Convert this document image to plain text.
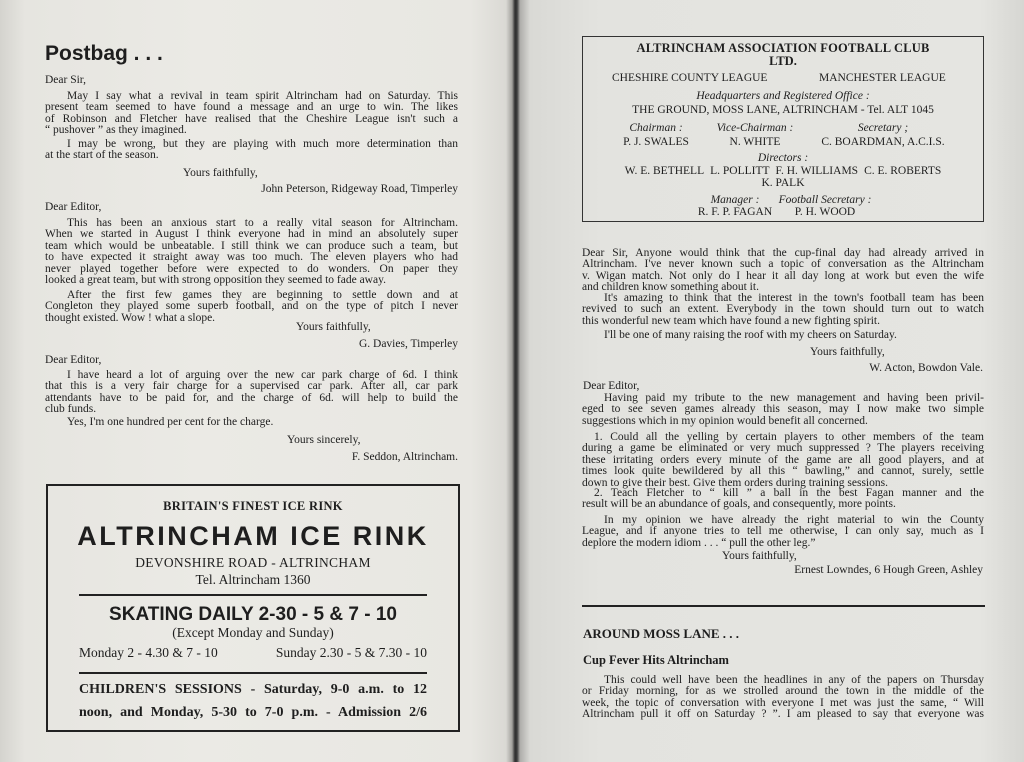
Postbag . . .
Dear Sir,
May I say what a revival in team spirit Altrincham had on Saturday. This
present team seemed to have found a message and an urge to win. The likes
of Robinson and Fletcher have realised that the Cheshire League isn't such a
“ pushover ” as they imagined.
I may be wrong, but they are playing with much more determination than
at the start of the season.
Yours faithfully,
John Peterson, Ridgeway Road, Timperley
Dear Editor,
This has been an anxious start to a really vital season for Altrincham.
When we started in August I think everyone had in mind an absolutely super
team which would be unbeatable. I still think we can produce such a team, but
to have expected it straight away was too much. The eleven players who had
never played together before were expected to do wonders. On paper they
looked a great team, but with strong opposition they seemed to fade away.
After the first few games they are beginning to settle down and at
Congleton they played some superb football, and on the type of pitch I never
thought existed. Wow ! what a slope.
Yours faithfully,
G. Davies, Timperley
Dear Editor,
I have heard a lot of arguing over the new car park charge of 6d. I think
that this is a very fair charge for a supervised car park. After all, car park
attendants have to be paid for, and the charge of 6d. will help to build the
club funds.
Yes, I'm one hundred per cent for the charge.
Yours sincerely,
F. Seddon, Altrincham.
BRITAIN'S FINEST ICE RINK
ALTRINCHAM ICE RINK
DEVONSHIRE ROAD - ALTRINCHAM
Tel. Altrincham 1360
SKATING DAILY 2-30 - 5 & 7 - 10
(Except Monday and Sunday)
Monday 2 - 4.30 & 7 - 10	Sunday 2.30 - 5 & 7.30 - 10
CHILDREN'S SESSIONS - Saturday, 9-0 a.m. to 12
noon, and Monday, 5-30 to 7-0 p.m. - Admission 2/6
ALTRINCHAM ASSOCIATION FOOTBALL CLUB
LTD.
CHESHIRE COUNTY LEAGUE	MANCHESTER LEAGUE
Headquarters and Registered Office :
THE GROUND, MOSS LANE, ALTRINCHAM - Tel. ALT 1045
Chairman :
P. J. SWALES
Vice-Chairman :
N. WHITE
Secretary ;
C. BOARDMAN, A.C.I.S.
Directors :
W. E. BETHELL L. POLLITT F. H. WILLIAMS C. E. ROBERTS
K. PALK
Manager :
R. F. P. FAGAN
Football Secretary :
P. H. WOOD
Dear Sir, Anyone would think that the cup-final day had already arrived in
Altrincham. I've never known such a topic of conversation as the Altrincham
v. Wigan match. Not only do I hear it all day long at work but even the wife
and children know something about it.
It's amazing to think that the interest in the town's football team has been
revived to such an extent. Everybody in the town should turn out to watch
this wonderful new team which have found a new fighting spirit.
I'll be one of many raising the roof with my cheers on Saturday.
Yours faithfully,
W. Acton, Bowdon Vale.
Dear Editor,
Having paid my tribute to the new management and having been privil-
eged to see seven games already this season, may I now make two simple
suggestions which in my opinion would benefit all concerned.
1. Could all the yelling by certain players to other members of the team
during a game be eliminated or very much suppressed ? The players receiving
these irritating orders every minute of the game are all good players, and at
times look quite bewildered by all this “ bawling,” and cannot, surely, settle
down to give their best. Give them orders during training sessions.
2. Teach Fletcher to “ kill ” a ball in the best Fagan manner and the
result will be an abundance of goals, and consequently, more points.
In my opinion we have already the right material to win the County
League, and if anyone tries to tell me otherwise, I can only say, much as I
deplore the modern idiom . . . “ pull the other leg.”
Yours faithfully,
Ernest Lowndes, 6 Hough Green, Ashley
AROUND MOSS LANE . . .
Cup Fever Hits Altrincham
This could well have been the headlines in any of the papers on Thursday
or Friday morning, for as we strolled around the town in the middle of the
week, the topic of conversation with everyone I met was just the same, “ Will
Altrincham pull it off on Saturday ? ”. I am pleased to say that everyone was
